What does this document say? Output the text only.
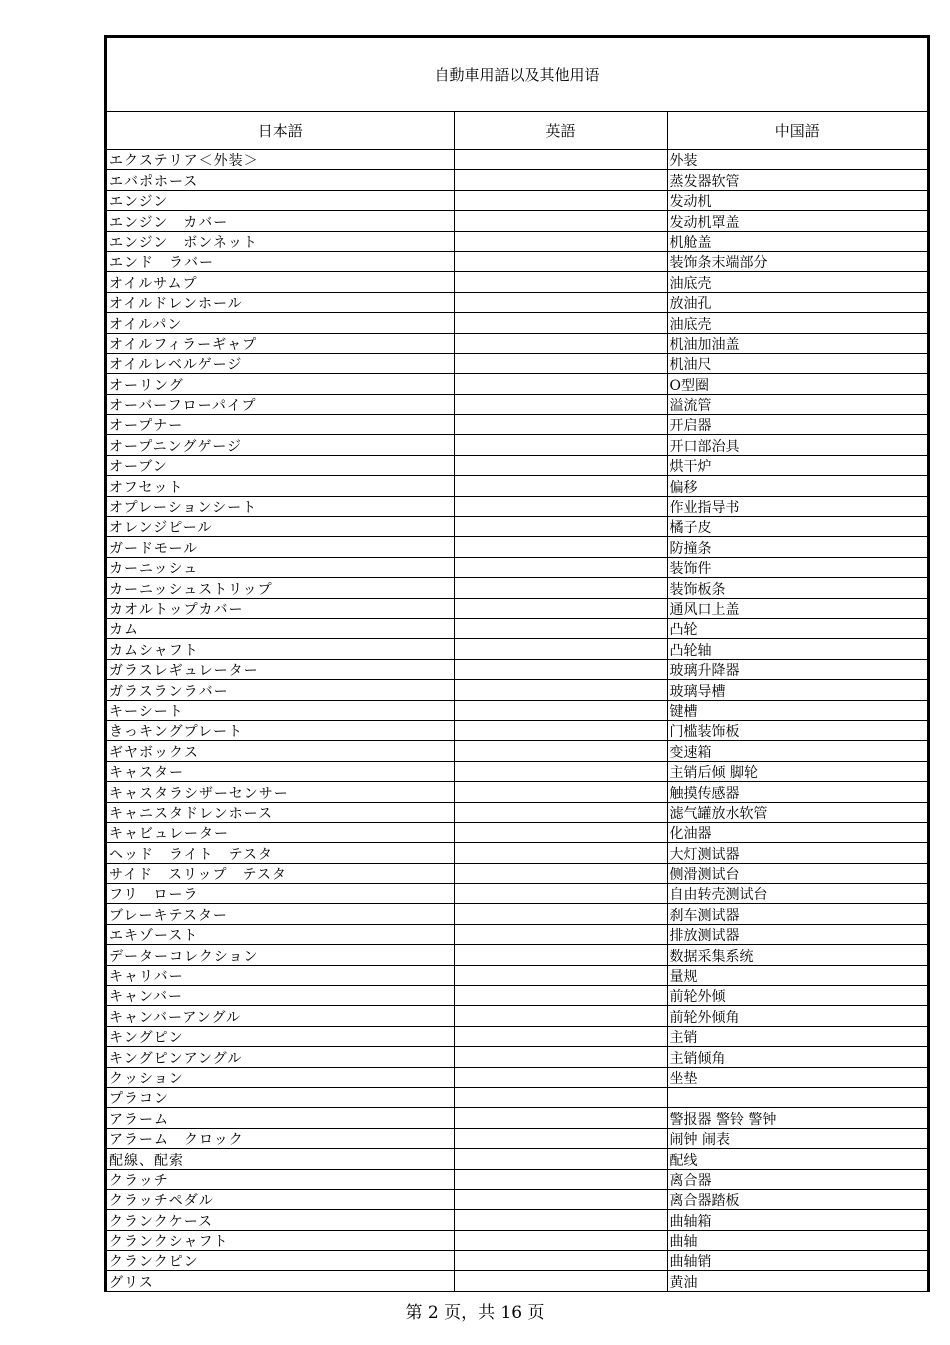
自動車用語以及其他用语
日本語	英語	中国語
エクステリア＜外装＞		外装
エバポホース		蒸发器软管
エンジン		发动机
エンジン　カバー		发动机罩盖
エンジン　ボンネット		机舱盖
エンド　ラバー		装饰条末端部分
オイルサムプ		油底壳
オイルドレンホール		放油孔
オイルパン		油底壳
オイルフィラーギャプ		机油加油盖
オイルレベルゲージ		机油尺
オーリング		O型圈
オーバーフローパイプ		溢流管
オープナー		开启器
オープニングゲージ		开口部治具
オーブン		烘干炉
オフセット		偏移
オプレーションシート		作业指导书
オレンジピール		橘子皮
ガードモール		防撞条
カーニッシュ		装饰件
カーニッシュストリップ		装饰板条
カオルトップカバー		通风口上盖
カム		凸轮
カムシャフト		凸轮轴
ガラスレギュレーター		玻璃升降器
ガラスランラバー		玻璃导槽
キーシート		键槽
きっキングプレート		门槛装饰板
ギヤボックス		变速箱
キャスター		主销后倾 脚轮
キャスタラシザーセンサー		触摸传感器
キャニスタドレンホース		滤气罐放水软管
キャビュレーター		化油器
ヘッド　ライト　テスタ		大灯测试器
サイド　スリップ　テスタ		侧滑测试台
フリ　ローラ		自由转壳测试台
ブレーキテスター		刹车测试器
エキゾースト		排放测试器
データーコレクション		数据采集系统
キャリバー		量规
キャンバー		前轮外倾
キャンバーアングル		前轮外倾角
キングピン		主销
キングピンアングル		主销倾角
クッション		坐垫
プラコン		
アラーム		警报器 警铃 警钟
アラーム　クロック		闹钟 闹表
配線、配索		配线
クラッチ		离合器
クラッチペダル		离合器踏板
クランクケース		曲轴箱
クランクシャフト		曲轴
クランクピン		曲轴销
グリス		黄油
第 2 页，共 16 页
